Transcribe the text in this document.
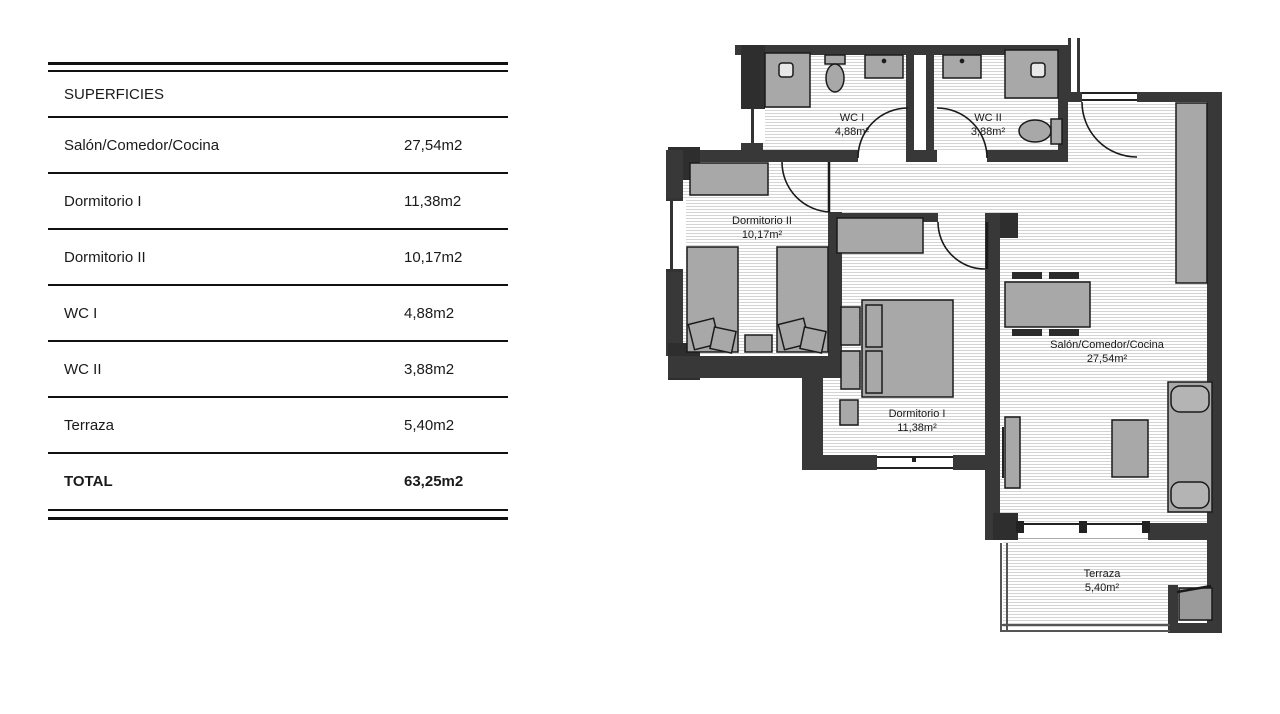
SUPERFICIES
Salón/Comedor/Cocina	27,54m2
Dormitorio I	11,38m2
Dormitorio II	10,17m2
WC I	4,88m2
WC II	3,88m2
Terraza	5,40m2
TOTAL	63,25m2
WC I
4,88m²
WC II
3,88m²
Dormitorio II
10,17m²
Dormitorio I
11,38m²
Salón/Comedor/Cocina
27,54m²
Terraza
5,40m²
